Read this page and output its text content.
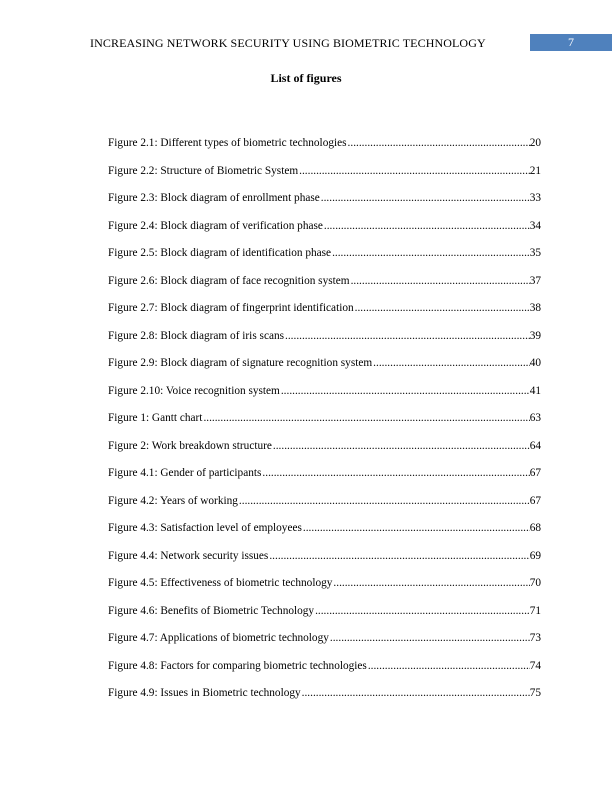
INCREASING NETWORK SECURITY USING BIOMETRIC TECHNOLOGY	7
List of figures
Figure 2.1: Different types of biometric technologies .....	20
Figure 2.2: Structure of Biometric System .....	21
Figure 2.3: Block diagram of enrollment phase .....	33
Figure 2.4: Block diagram of verification phase .....	34
Figure 2.5: Block diagram of identification phase .....	35
Figure 2.6: Block diagram of face recognition system .....	37
Figure 2.7: Block diagram of fingerprint identification .....	38
Figure 2.8: Block diagram of iris scans .....	39
Figure 2.9: Block diagram of signature recognition system .....	40
Figure 2.10: Voice recognition system .....	41
Figure 1: Gantt chart .....	63
Figure 2: Work breakdown structure .....	64
Figure 4.1: Gender of participants .....	67
Figure 4.2: Years of working .....	67
Figure 4.3: Satisfaction level of employees .....	68
Figure 4.4: Network security issues .....	69
Figure 4.5: Effectiveness of biometric technology .....	70
Figure 4.6: Benefits of Biometric Technology .....	71
Figure 4.7: Applications of biometric technology .....	73
Figure 4.8: Factors for comparing biometric technologies .....	74
Figure 4.9: Issues in Biometric technology .....	75
